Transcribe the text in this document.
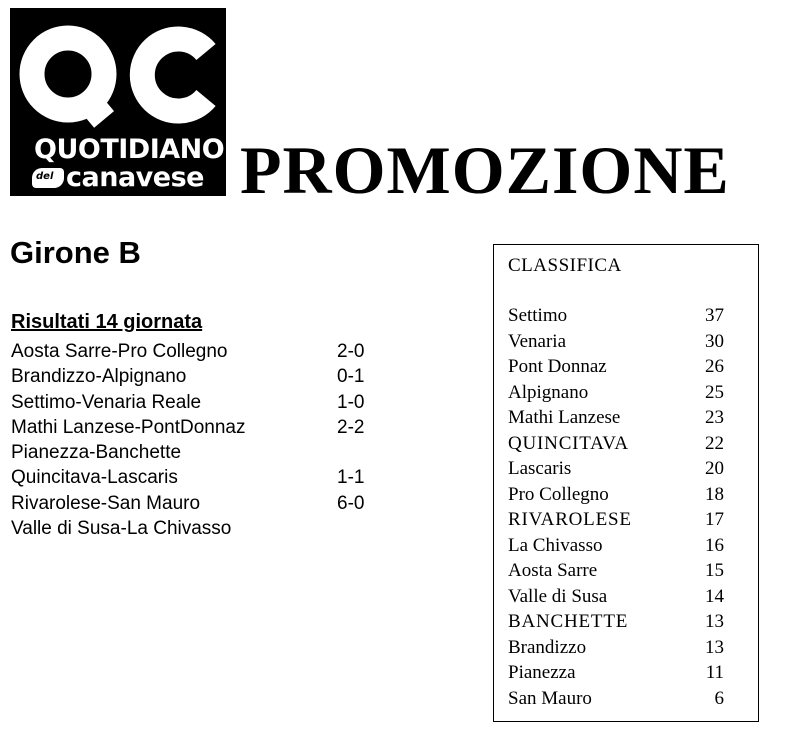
QUOTIDIANO
del canavese PROMOZIONE
Girone B
Risultati 14 giornata
Aosta Sarre-Pro Collegno	2-0
Brandizzo-Alpignano	0-1
Settimo-Venaria Reale	1-0
Mathi Lanzese-PontDonnaz	2-2
Pianezza-Banchette
Quincitava-Lascaris	1-1
Rivarolese-San Mauro	6-0
Valle di Susa-La Chivasso
CLASSIFICA
Settimo	37
Venaria	30
Pont Donnaz	26
Alpignano	25
Mathi Lanzese	23
QUINCITAVA	22
Lascaris	20
Pro Collegno	18
RIVAROLESE	17
La Chivasso	16
Aosta Sarre	15
Valle di Susa	14
BANCHETTE	13
Brandizzo	13
Pianezza	11
San Mauro	6
